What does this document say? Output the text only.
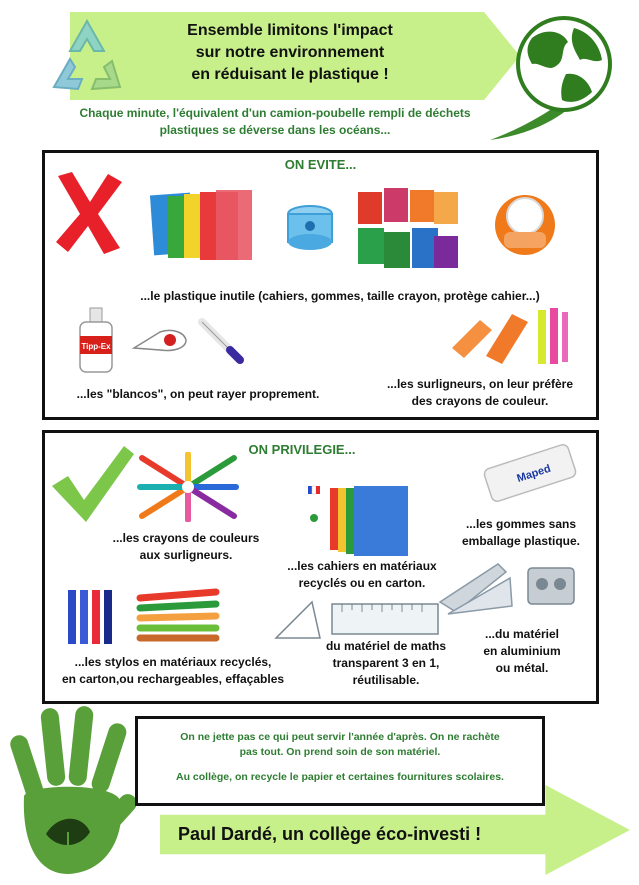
Ensemble limitons l'impact
sur notre environnement
en réduisant le plastique !
Chaque minute, l'équivalent d'un camion-poubelle rempli de déchets
plastiques se déverse dans les océans...
ON EVITE...
...le plastique inutile (cahiers, gommes, taille crayon, protège cahier...)
Tipp-Ex
...les "blancos", on peut rayer proprement.
...les surligneurs, on leur préfère
des crayons de couleur.
ON PRIVILEGIE...
Maped
...les crayons de couleurs
aux surligneurs.
...les gommes sans
emballage plastique.
...les cahiers en matériaux
recyclés ou en carton.
...du matériel
en aluminium
ou métal.
du matériel de maths
transparent 3 en 1,
réutilisable.
...les stylos en matériaux recyclés,
en carton,ou rechargeables, effaçables
On ne jette pas ce qui peut servir l'année d'après. On ne rachète
pas tout. On prend soin de son matériel.
Au collège, on recycle le papier et certaines fournitures scolaires.
Paul Dardé, un collège éco-investi !
